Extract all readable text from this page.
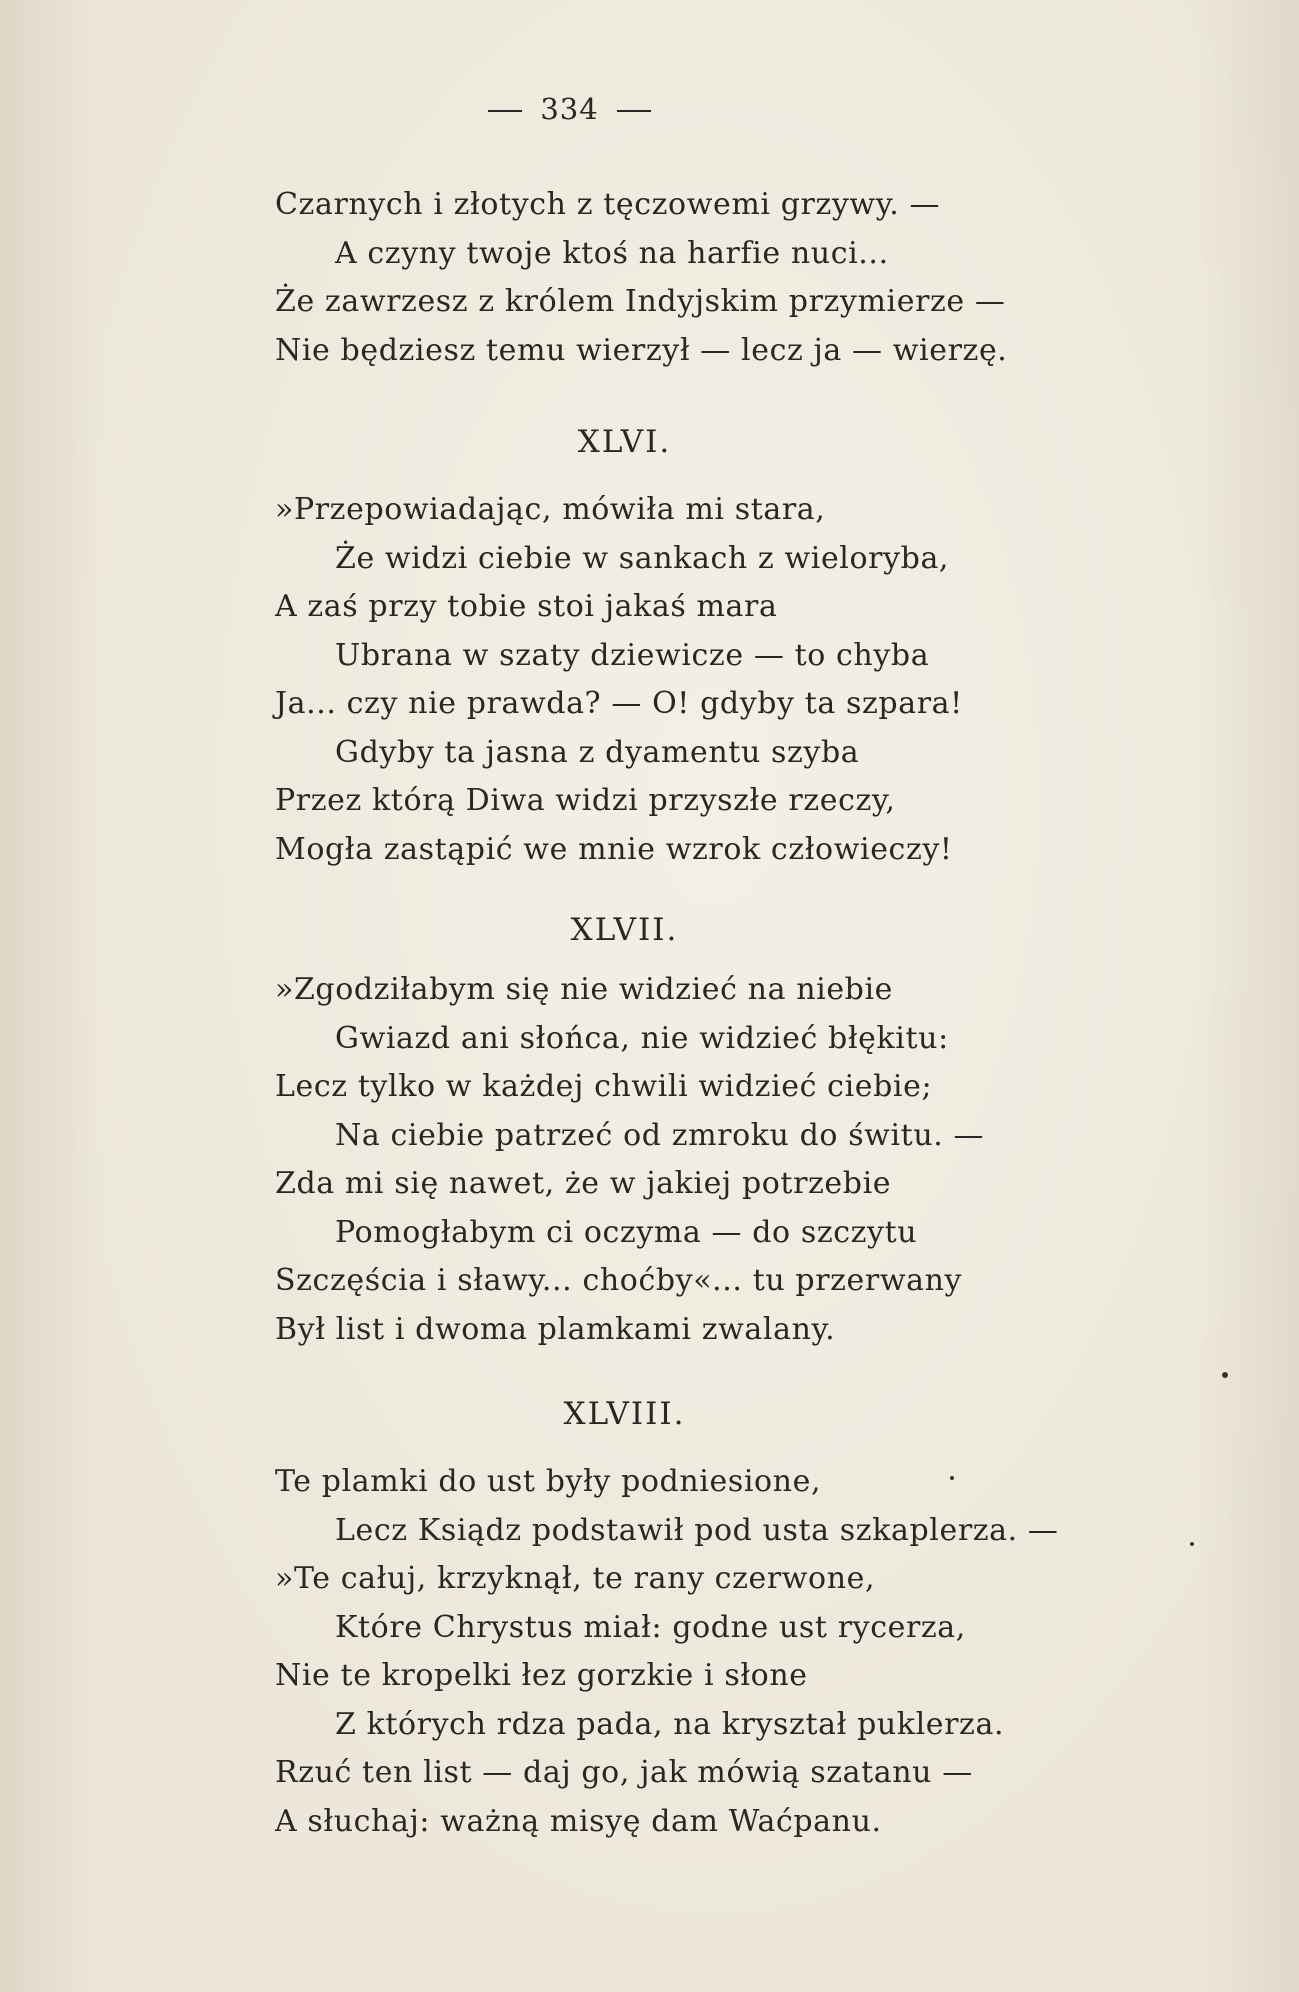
334
Czarnych i złotych z tęczowemi grzywy. —
A czyny twoje ktoś na harfie nuci...
Że zawrzesz z królem Indyjskim przymierze —
Nie będziesz temu wierzył — lecz ja — wierzę.
XLVI.
»Przepowiadając, mówiła mi stara,
Że widzi ciebie w sankach z wieloryba,
A zaś przy tobie stoi jakaś mara
Ubrana w szaty dziewicze — to chyba
Ja... czy nie prawda? — O! gdyby ta szpara!
Gdyby ta jasna z dyamentu szyba
Przez którą Diwa widzi przyszłe rzeczy,
Mogła zastąpić we mnie wzrok człowieczy!
XLVII.
»Zgodziłabym się nie widzieć na niebie
Gwiazd ani słońca, nie widzieć błękitu:
Lecz tylko w każdej chwili widzieć ciebie;
Na ciebie patrzeć od zmroku do świtu. —
Zda mi się nawet, że w jakiej potrzebie
Pomogłabym ci oczyma — do szczytu
Szczęścia i sławy... choćby«... tu przerwany
Był list i dwoma plamkami zwalany.
XLVIII.
Te plamki do ust były podniesione,
Lecz Ksiądz podstawił pod usta szkaplerza. —
»Te całuj, krzyknął, te rany czerwone,
Które Chrystus miał: godne ust rycerza,
Nie te kropelki łez gorzkie i słone
Z których rdza pada, na kryształ puklerza.
Rzuć ten list — daj go, jak mówią szatanu —
A słuchaj: ważną misyę dam Waćpanu.
